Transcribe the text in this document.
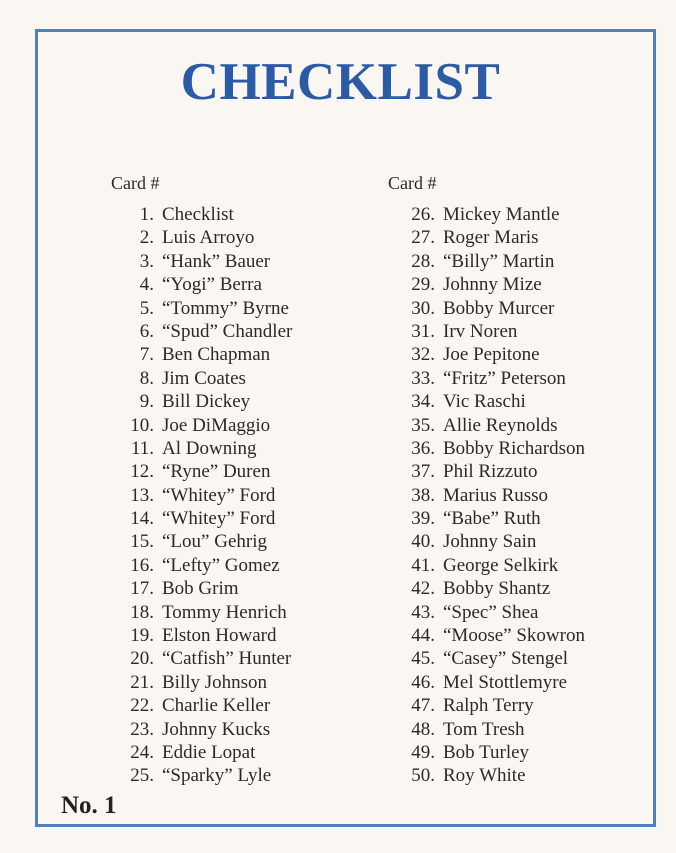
CHECKLIST
Card #	Card #
1. Checklist
2. Luis Arroyo
3. “Hank” Bauer
4. “Yogi” Berra
5. “Tommy” Byrne
6. “Spud” Chandler
7. Ben Chapman
8. Jim Coates
9. Bill Dickey
10. Joe DiMaggio
11. Al Downing
12. “Ryne” Duren
13. “Whitey” Ford
14. “Whitey” Ford
15. “Lou” Gehrig
16. “Lefty” Gomez
17. Bob Grim
18. Tommy Henrich
19. Elston Howard
20. “Catfish” Hunter
21. Billy Johnson
22. Charlie Keller
23. Johnny Kucks
24. Eddie Lopat
25. “Sparky” Lyle
26. Mickey Mantle
27. Roger Maris
28. “Billy” Martin
29. Johnny Mize
30. Bobby Murcer
31. Irv Noren
32. Joe Pepitone
33. “Fritz” Peterson
34. Vic Raschi
35. Allie Reynolds
36. Bobby Richardson
37. Phil Rizzuto
38. Marius Russo
39. “Babe” Ruth
40. Johnny Sain
41. George Selkirk
42. Bobby Shantz
43. “Spec” Shea
44. “Moose” Skowron
45. “Casey” Stengel
46. Mel Stottlemyre
47. Ralph Terry
48. Tom Tresh
49. Bob Turley
50. Roy White
No. 1
